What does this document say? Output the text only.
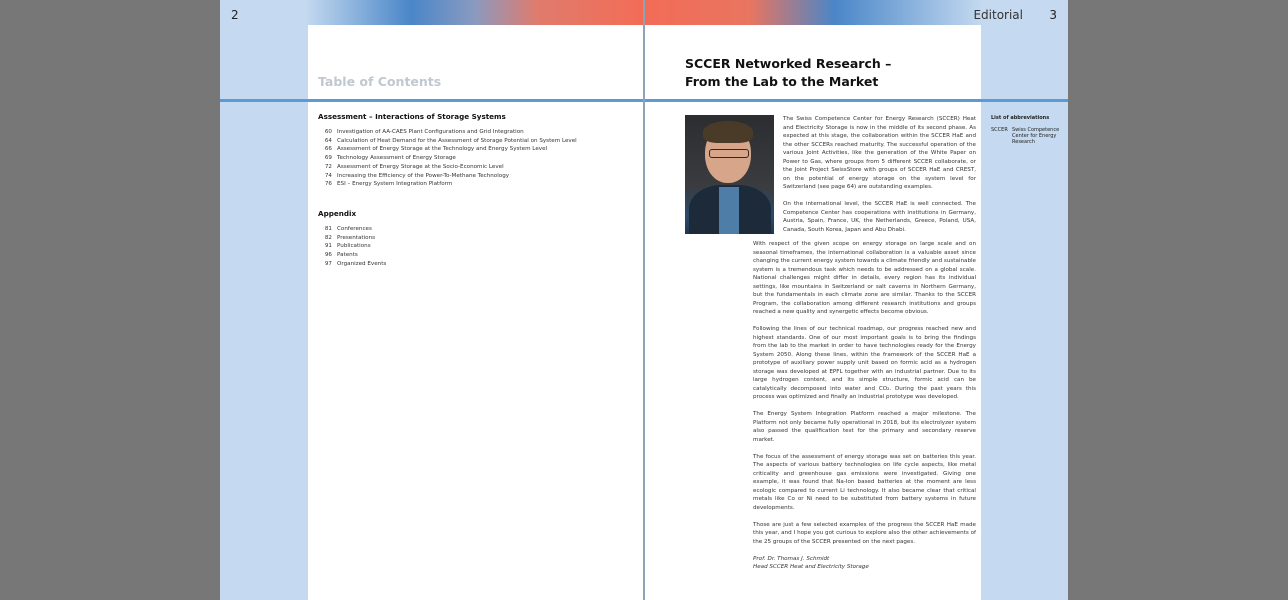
2
Table of Contents
Assessment – Interactions of Storage Systems
60 Investigation of AA-CAES Plant Configurations and Grid Integration
64 Calculation of Heat Demand for the Assessment of Storage Potential on System Level
66 Assessment of Energy Storage at the Technology and Energy System Level
69 Technology Assessment of Energy Storage
72 Assessment of Energy Storage at the Socio-Economic Level
74 Increasing the Efficiency of the Power-To-Methane Technology
76 ESI – Energy System Integration Platform
Appendix
81 Conferences
82 Presentations
91 Publications
96 Patents
97 Organized Events
Editorial 3
SCCER Networked Research –
From the Lab to the Market

The Swiss Competence Center for Energy Research (SCCER) Heat and Electricity Storage is now in the middle of its second phase. As expected at this stage, the collaboration within the SCCER HaE and the other SCCERs reached maturity. The successful operation of the various Joint Activities, like the generation of the White Paper on Power to Gas, where groups from 5 different SCCER collaborate, or the Joint Project SwissStore with groups of SCCER HaE and CREST, on the potential of energy storage on the system level for Switzerland (see page 64) are outstanding examples.

On the international level, the SCCER HaE is well connected. The Competence Center has cooperations with institutions in Germany, Austria, Spain, France, UK, the Netherlands, Greece, Poland, USA, Canada, South Korea, Japan and Abu Dhabi.

With respect of the given scope on energy storage on large scale and on seasonal timeframes, the international collaboration is a valuable asset since changing the current energy system towards a climate friendly and sustainable system is a tremendous task which needs to be addressed on a global scale. National challenges might differ in details, every region has its individual settings, like mountains in Switzerland or salt caverns in Northern Germany, but the fundamentals in each climate zone are similar. Thanks to the SCCER Program, the collaboration among different research institutions and groups reached a new quality and synergetic effects become obvious.

Following the lines of our technical roadmap, our progress reached new and highest standards. One of our most important goals is to bring the findings from the lab to the market in order to have technologies ready for the Energy System 2050. Along these lines, within the framework of the SCCER HaE a prototype of auxiliary power supply unit based on formic acid as a hydrogen storage was developed at EPFL together with an industrial partner. Due to its large hydrogen content, and its simple structure, formic acid can be catalytically decomposed into water and CO₂. During the past years this process was optimized and finally an industrial prototype was developed.

The Energy System Integration Platform reached a major milestone. The Platform not only became fully operational in 2018, but its electrolyzer system also passed the qualification test for the primary and secondary reserve market.

The focus of the assessment of energy storage was set on batteries this year. The aspects of various battery technologies on life cycle aspects, like metal criticality and greenhouse gas emissions were investigated. Giving one example, it was found that Na-Ion based batteries at the moment are less ecologic compared to current Li technology. It also became clear that critical metals like Co or Ni need to be substituted from battery systems in future developments.

Those are just a few selected examples of the progress the SCCER HaE made this year, and I hope you got curious to explore also the other achievements of the 25 groups of the SCCER presented on the next pages.

Prof. Dr. Thomas J. Schmidt
Head SCCER Heat and Electricity Storage
List of abbreviations
SCCER Swiss Competence Center for Energy Research
